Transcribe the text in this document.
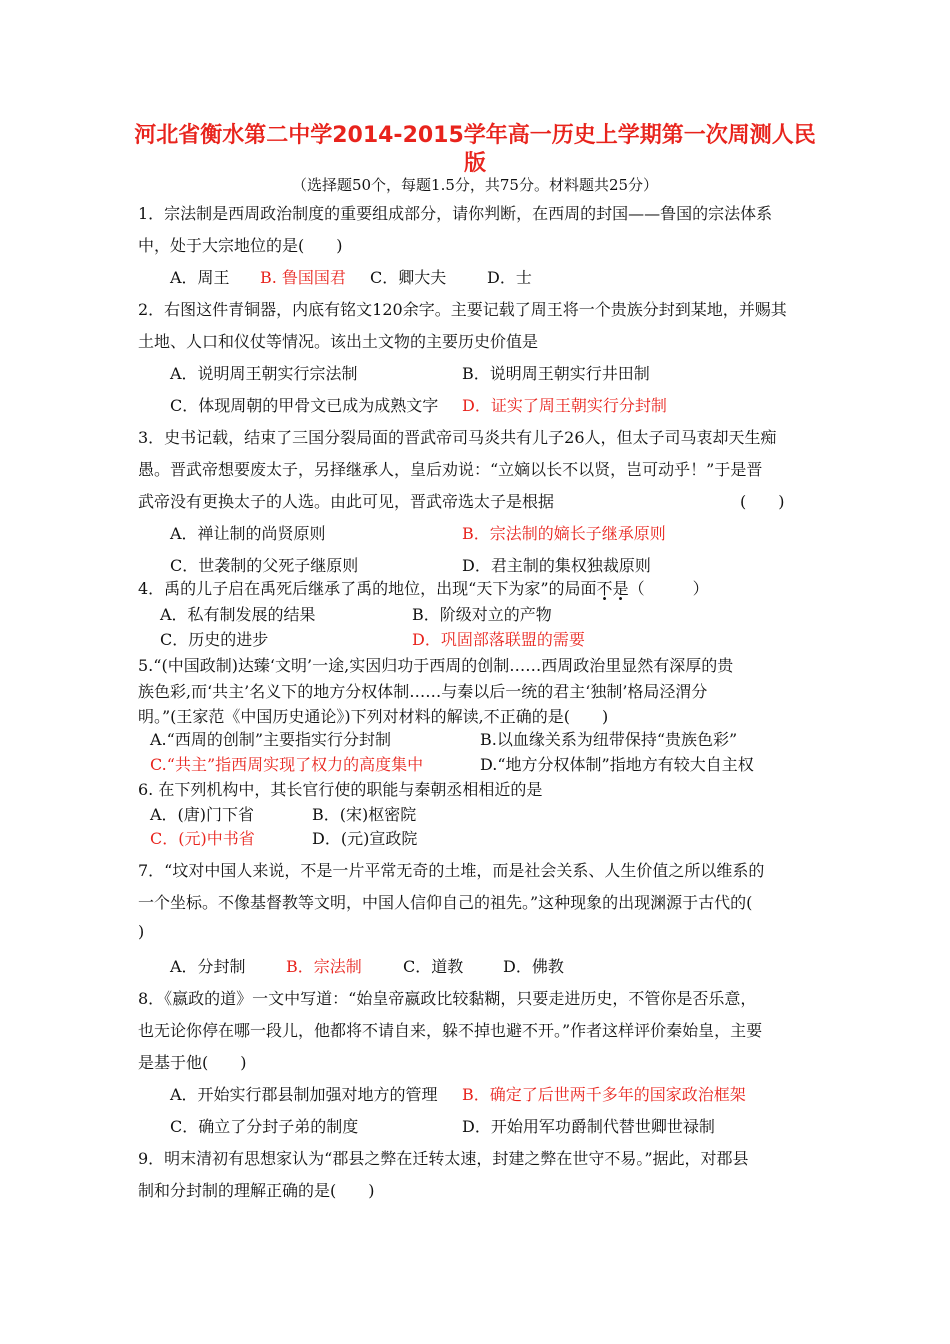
河北省衡水第二中学2014-2015学年高一历史上学期第一次周测人民
版
（选择题50个，每题1.5分，共75分。材料题共25分）
1．宗法制是西周政治制度的重要组成部分，请你判断，在西周的封国——鲁国的宗法体系
中，处于大宗地位的是(　　)
A．周王 B. 鲁国国君 C．卿大夫	D．士
2．右图这件青铜器，内底有铭文120余字。主要记载了周王将一个贵族分封到某地，并赐其
土地、人口和仪仗等情况。该出土文物的主要历史价值是
A．说明周王朝实行宗法制	B．说明周王朝实行井田制
C．体现周朝的甲骨文已成为成熟文字 D．证实了周王朝实行分封制
3．史书记载，结束了三国分裂局面的晋武帝司马炎共有儿子26人，但太子司马衷却天生痴
愚。晋武帝想要废太子，另择继承人，皇后劝说：“立嫡以长不以贤，岂可动乎！”于是晋
武帝没有更换太子的人选。由此可见，晋武帝选太子是根据	(　　)
A．禅让制的尚贤原则	B．宗法制的嫡长子继承原则
C．世袭制的父死子继原则	D．君主制的集权独裁原则
4．禹的儿子启在禹死后继承了禹的地位，出现“天下为家”的局面不是（　　　）
A．私有制发展的结果	B．阶级对立的产物
C．历史的进步	D．巩固部落联盟的需要
5.“(中国政制)达臻‘文明’一途,实因归功于西周的创制……西周政治里显然有深厚的贵
族色彩,而‘共主’名义下的地方分权体制……与秦以后一统的君主‘独制’格局泾渭分
明。”(王家范《中国历史通论》)下列对材料的解读,不正确的是(　　)
A.“西周的创制”主要指实行分封制	B.以血缘关系为纽带保持“贵族色彩”
C.“共主”指西周实现了权力的高度集中	D.“地方分权体制”指地方有较大自主权
6. 在下列机构中，其长官行使的职能与秦朝丞相相近的是
A．(唐)门下省	B．(宋)枢密院
C．(元)中书省	D．(元)宣政院
7．“坟对中国人来说，不是一片平常无奇的土堆，而是社会关系、人生价值之所以维系的
一个坐标。不像基督教等文明，中国人信仰自己的祖先。”这种现象的出现渊源于古代的(
)
A．分封制	B．宗法制	C．道教 D．佛教
8．《嬴政的道》一文中写道：“始皇帝嬴政比较黏糊，只要走进历史，不管你是否乐意，
也无论你停在哪一段儿，他都将不请自来，躲不掉也避不开。”作者这样评价秦始皇，主要
是基于他(　　)
A．开始实行郡县制加强对地方的管理 B．确定了后世两千多年的国家政治框架
C．确立了分封子弟的制度	D．开始用军功爵制代替世卿世禄制
9．明末清初有思想家认为“郡县之弊在迁转太速，封建之弊在世守不易。”据此，对郡县
制和分封制的理解正确的是(　　)
